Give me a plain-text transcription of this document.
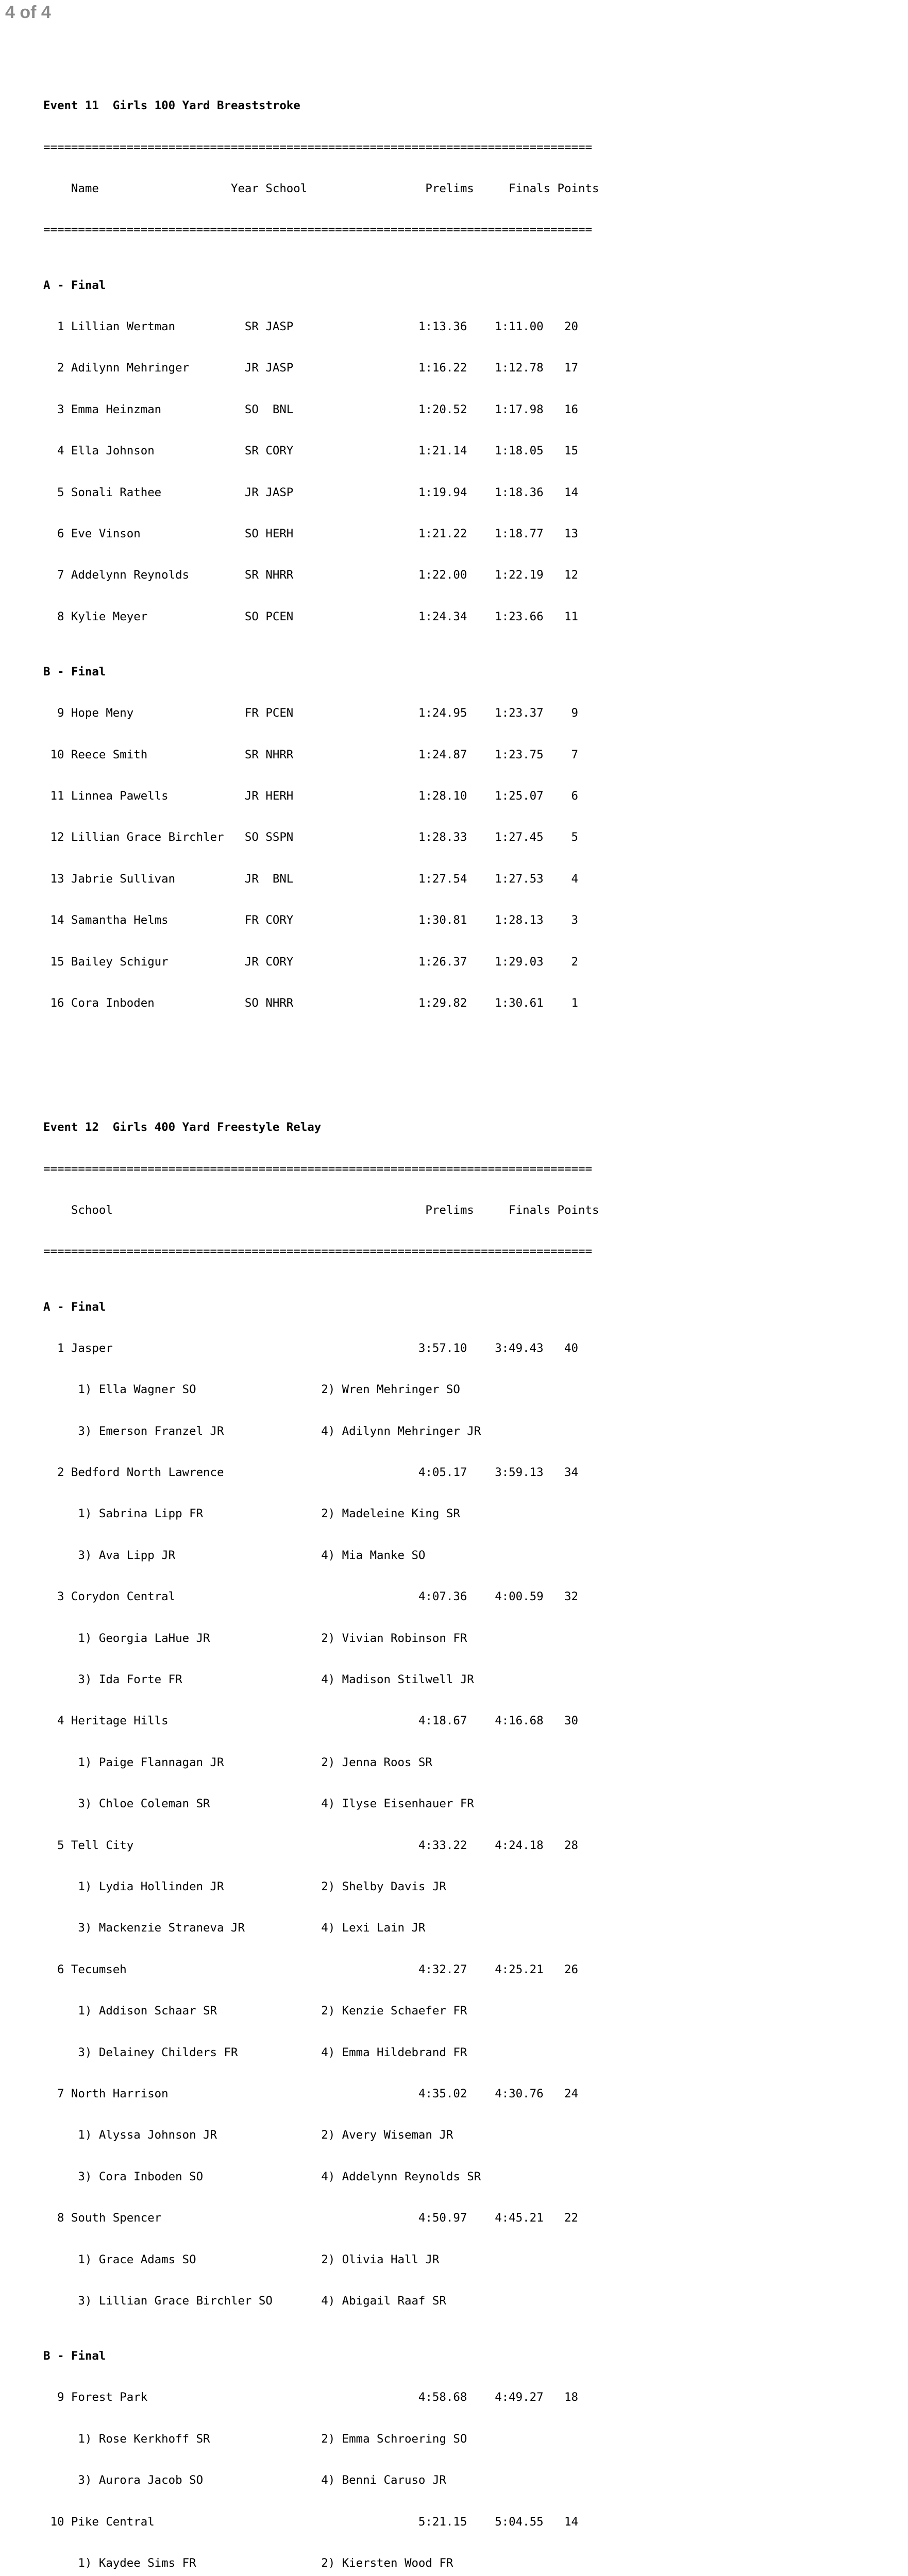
4 of 4

Event 11  Girls 100 Yard Breaststroke

===============================================================================

Name                   Year School                 Prelims     Finals Points

===============================================================================

A - Final

1 Lillian Wertman          SR JASP                  1:13.36    1:11.00   20

2 Adilynn Mehringer        JR JASP                  1:16.22    1:12.78   17

3 Emma Heinzman            SO  BNL                  1:20.52    1:17.98   16

4 Ella Johnson             SR CORY                  1:21.14    1:18.05   15

5 Sonali Rathee            JR JASP                  1:19.94    1:18.36   14

6 Eve Vinson               SO HERH                  1:21.22    1:18.77   13

7 Addelynn Reynolds        SR NHRR                  1:22.00    1:22.19   12

8 Kylie Meyer              SO PCEN                  1:24.34    1:23.66   11

B - Final

9 Hope Meny                FR PCEN                  1:24.95    1:23.37    9

10 Reece Smith              SR NHRR                  1:24.87    1:23.75    7

11 Linnea Pawells           JR HERH                  1:28.10    1:25.07    6

12 Lillian Grace Birchler   SO SSPN                  1:28.33    1:27.45    5

13 Jabrie Sullivan          JR  BNL                  1:27.54    1:27.53    4

14 Samantha Helms           FR CORY                  1:30.81    1:28.13    3

15 Bailey Schigur           JR CORY                  1:26.37    1:29.03    2

16 Cora Inboden             SO NHRR                  1:29.82    1:30.61    1

Event 12  Girls 400 Yard Freestyle Relay

===============================================================================

School                                             Prelims     Finals Points

===============================================================================

A - Final

1 Jasper                                            3:57.10    3:49.43   40

1) Ella Wagner SO                  2) Wren Mehringer SO

3) Emerson Franzel JR              4) Adilynn Mehringer JR

2 Bedford North Lawrence                            4:05.17    3:59.13   34

1) Sabrina Lipp FR                 2) Madeleine King SR

3) Ava Lipp JR                     4) Mia Manke SO

3 Corydon Central                                   4:07.36    4:00.59   32

1) Georgia LaHue JR                2) Vivian Robinson FR

3) Ida Forte FR                    4) Madison Stilwell JR

4 Heritage Hills                                    4:18.67    4:16.68   30

1) Paige Flannagan JR              2) Jenna Roos SR

3) Chloe Coleman SR                4) Ilyse Eisenhauer FR

5 Tell City                                         4:33.22    4:24.18   28

1) Lydia Hollinden JR              2) Shelby Davis JR

3) Mackenzie Straneva JR           4) Lexi Lain JR

6 Tecumseh                                          4:32.27    4:25.21   26

1) Addison Schaar SR               2) Kenzie Schaefer FR

3) Delainey Childers FR            4) Emma Hildebrand FR

7 North Harrison                                    4:35.02    4:30.76   24

1) Alyssa Johnson JR               2) Avery Wiseman JR

3) Cora Inboden SO                 4) Addelynn Reynolds SR

8 South Spencer                                     4:50.97    4:45.21   22

1) Grace Adams SO                  2) Olivia Hall JR

3) Lillian Grace Birchler SO       4) Abigail Raaf SR

B - Final

9 Forest Park                                       4:58.68    4:49.27   18

1) Rose Kerkhoff SR                2) Emma Schroering SO

3) Aurora Jacob SO                 4) Benni Caruso JR

10 Pike Central                                      5:21.15    5:04.55   14

1) Kaydee Sims FR                  2) Kiersten Wood FR
